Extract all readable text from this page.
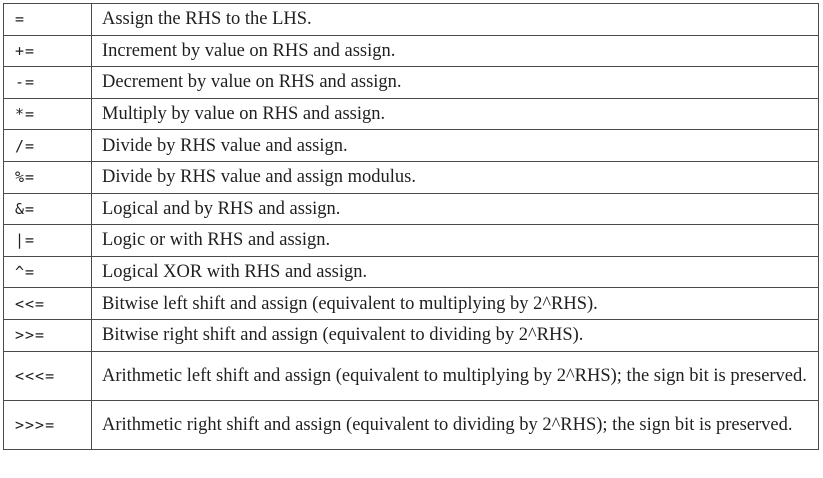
=	Assign the RHS to the LHS.
+=	Increment by value on RHS and assign.
-=	Decrement by value on RHS and assign.
*=	Multiply by value on RHS and assign.
/=	Divide by RHS value and assign.
%=	Divide by RHS value and assign modulus.
&=	Logical and by RHS and assign.
|=	Logic or with RHS and assign.
^=	Logical XOR with RHS and assign.
<<=	Bitwise left shift and assign (equivalent to multiplying by 2^RHS).
>>=	Bitwise right shift and assign (equivalent to dividing by 2^RHS).
<<<=	Arithmetic left shift and assign (equivalent to multiplying by 2^RHS); the sign bit is preserved.
>>>=	Arithmetic right shift and assign (equivalent to dividing by 2^RHS); the sign bit is preserved.
